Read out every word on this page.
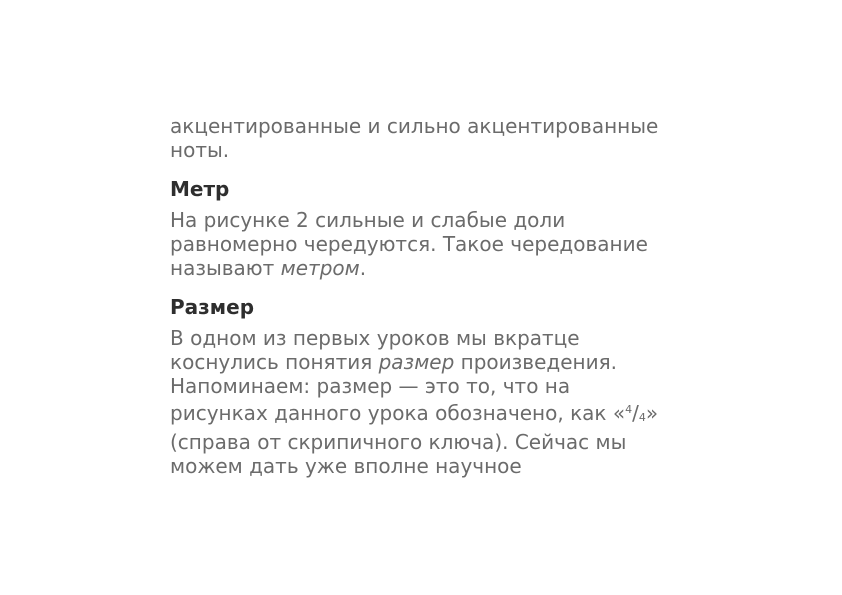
акцентированные и сильно акцентированные
ноты.

Метр

На рисунке 2 сильные и слабые доли
равномерно чередуются. Такое чередование
называют метром.

Размер

В одном из первых уроков мы вкратце
коснулись понятия размер произведения.
Напоминаем: размер — это то, что на
рисунках данного урока обозначено, как «$^4$/4»
(справа от скрипичного ключа). Сейчас мы
можем дать уже вполне научное
